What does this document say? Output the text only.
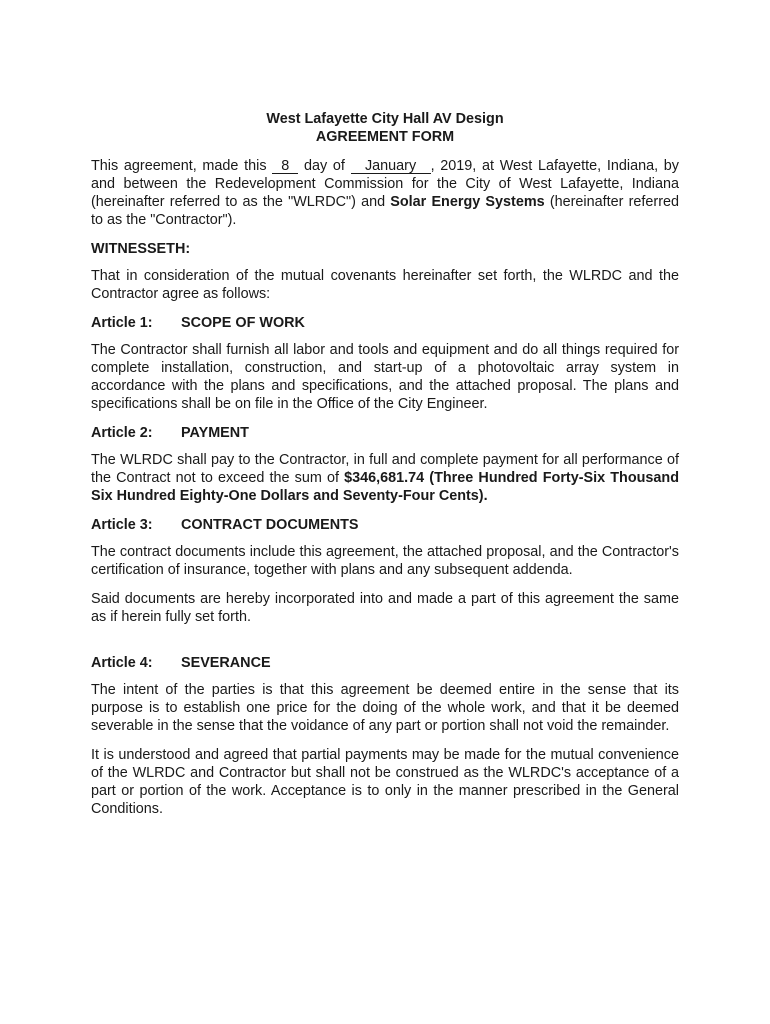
West Lafayette City Hall AV Design
AGREEMENT FORM

This agreement, made this 8 day of January , 2019, at West Lafayette, Indiana, by and between the Redevelopment Commission for the City of West Lafayette, Indiana (hereinafter referred to as the "WLRDC") and Solar Energy Systems (hereinafter referred to as the "Contractor").

WITNESSETH:

That in consideration of the mutual covenants hereinafter set forth, the WLRDC and the Contractor agree as follows:

Article 1:	SCOPE OF WORK

The Contractor shall furnish all labor and tools and equipment and do all things required for complete installation, construction, and start-up of a photovoltaic array system in accordance with the plans and specifications, and the attached proposal. The plans and specifications shall be on file in the Office of the City Engineer.

Article 2:	PAYMENT

The WLRDC shall pay to the Contractor, in full and complete payment for all performance of the Contract not to exceed the sum of $346,681.74 (Three Hundred Forty-Six Thousand Six Hundred Eighty-One Dollars and Seventy-Four Cents).

Article 3:	CONTRACT DOCUMENTS

The contract documents include this agreement, the attached proposal, and the Contractor's certification of insurance, together with plans and any subsequent addenda.

Said documents are hereby incorporated into and made a part of this agreement the same as if herein fully set forth.

Article 4:	SEVERANCE

The intent of the parties is that this agreement be deemed entire in the sense that its purpose is to establish one price for the doing of the whole work, and that it be deemed severable in the sense that the voidance of any part or portion shall not void the remainder.

It is understood and agreed that partial payments may be made for the mutual convenience of the WLRDC and Contractor but shall not be construed as the WLRDC's acceptance of a part or portion of the work. Acceptance is to only in the manner prescribed in the General Conditions.
